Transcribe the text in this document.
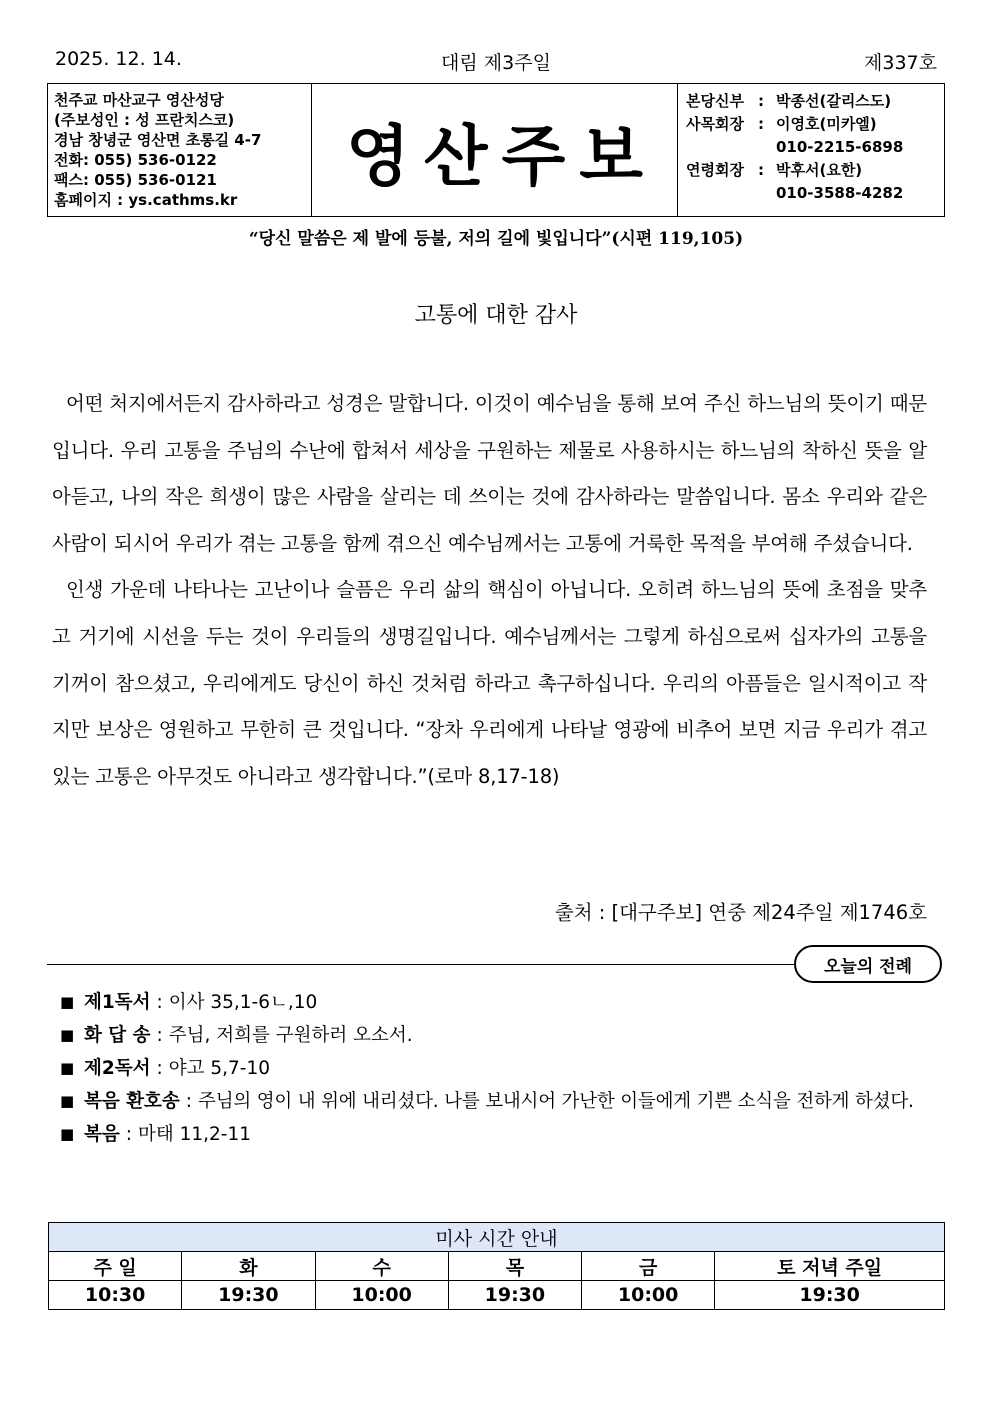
2025. 12. 14.	대림 제3주일	제337호
천주교 마산교구 영산성당
(주보성인 : 성 프란치스코)
경남 창녕군 영산면 초롱길 4-7
전화: 055) 536-0122
팩스: 055) 536-0121
홈페이지 : ys.cathms.kr
영산주보
본당신부 : 박종선(갈리스도)
사목회장 : 이영호(미카엘)
010-2215-6898
연령회장 : 박후서(요한)
010-3588-4282
“당신 말씀은 제 발에 등불, 저의 길에 빛입니다”(시편 119,105)
고통에 대한 감사

어떤 처지에서든지 감사하라고 성경은 말합니다. 이것이 예수님을 통해 보여 주신 하느님의 뜻이기 때문입니다. 우리 고통을 주님의 수난에 합쳐서 세상을 구원하는 제물로 사용하시는 하느님의 착하신 뜻을 알아듣고, 나의 작은 희생이 많은 사람을 살리는 데 쓰이는 것에 감사하라는 말씀입니다. 몸소 우리와 같은 사람이 되시어 우리가 겪는 고통을 함께 겪으신 예수님께서는 고통에 거룩한 목적을 부여해 주셨습니다.

인생 가운데 나타나는 고난이나 슬픔은 우리 삶의 핵심이 아닙니다. 오히려 하느님의 뜻에 초점을 맞추고 거기에 시선을 두는 것이 우리들의 생명길입니다. 예수님께서는 그렇게 하심으로써 십자가의 고통을 기꺼이 참으셨고, 우리에게도 당신이 하신 것처럼 하라고 촉구하십니다. 우리의 아픔들은 일시적이고 작지만 보상은 영원하고 무한히 큰 것입니다. “장차 우리에게 나타날 영광에 비추어 보면 지금 우리가 겪고 있는 고통은 아무것도 아니라고 생각합니다.”(로마 8,17-18)

출처 : [대구주보] 연중 제24주일 제1746호
오늘의 전례
■ 제1독서 : 이사 35,1-6ㄴ,10
■ 화 답 송 : 주님, 저희를 구원하러 오소서.
■ 제2독서 : 야고 5,7-10
■ 복음 환호송 : 주님의 영이 내 위에 내리셨다. 나를 보내시어 가난한 이들에게 기쁜 소식을 전하게 하셨다.
■ 복음 : 마태 11,2-11
미사 시간 안내					
주 일	화	수	목	금	토 저녁 주일
10:30	19:30	10:00	19:30	10:00	19:30
